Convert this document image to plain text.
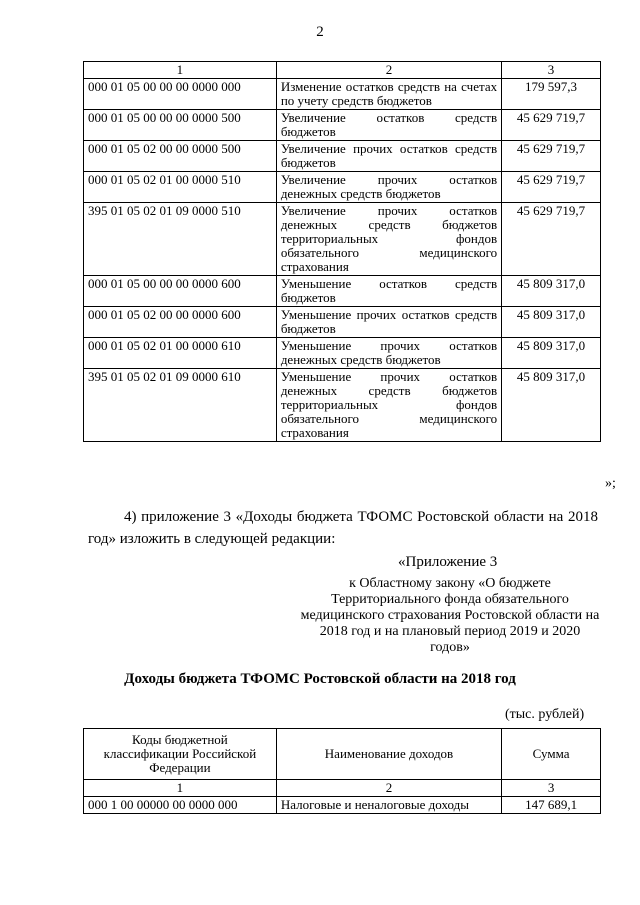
2
1	2	3
000 01 05 00 00 00 0000 000	Изменение остатков средств на счетах по учету средств бюджетов	179 597,3
000 01 05 00 00 00 0000 500	Увеличение остатков средств бюджетов	45 629 719,7
000 01 05 02 00 00 0000 500	Увеличение прочих остатков средств бюджетов	45 629 719,7
000 01 05 02 01 00 0000 510	Увеличение прочих остатков денежных средств бюджетов	45 629 719,7
395 01 05 02 01 09 0000 510	Увеличение прочих остатков денежных средств бюджетов территориальных фондов обязательного медицинского страхования	45 629 719,7
000 01 05 00 00 00 0000 600	Уменьшение остатков средств бюджетов	45 809 317,0
000 01 05 02 00 00 0000 600	Уменьшение прочих остатков средств бюджетов	45 809 317,0
000 01 05 02 01 00 0000 610	Уменьшение прочих остатков денежных средств бюджетов	45 809 317,0
395 01 05 02 01 09 0000 610	Уменьшение прочих остатков денежных средств бюджетов территориальных фондов обязательного медицинского страхования	45 809 317,0
»;
4) приложение 3 «Доходы бюджета ТФОМС Ростовской области на 2018 год» изложить в следующей редакции:
«Приложение 3
к Областному закону «О бюджете Территориального фонда обязательного медицинского страхования Ростовской области на 2018 год и на плановый период 2019 и 2020 годов»
Доходы бюджета ТФОМС Ростовской области на 2018 год
(тыс. рублей)
Коды бюджетной классификации Российской Федерации	Наименование доходов	Сумма
1	2	3
000 1 00 00000 00 0000 000	Налоговые и неналоговые доходы	147 689,1
